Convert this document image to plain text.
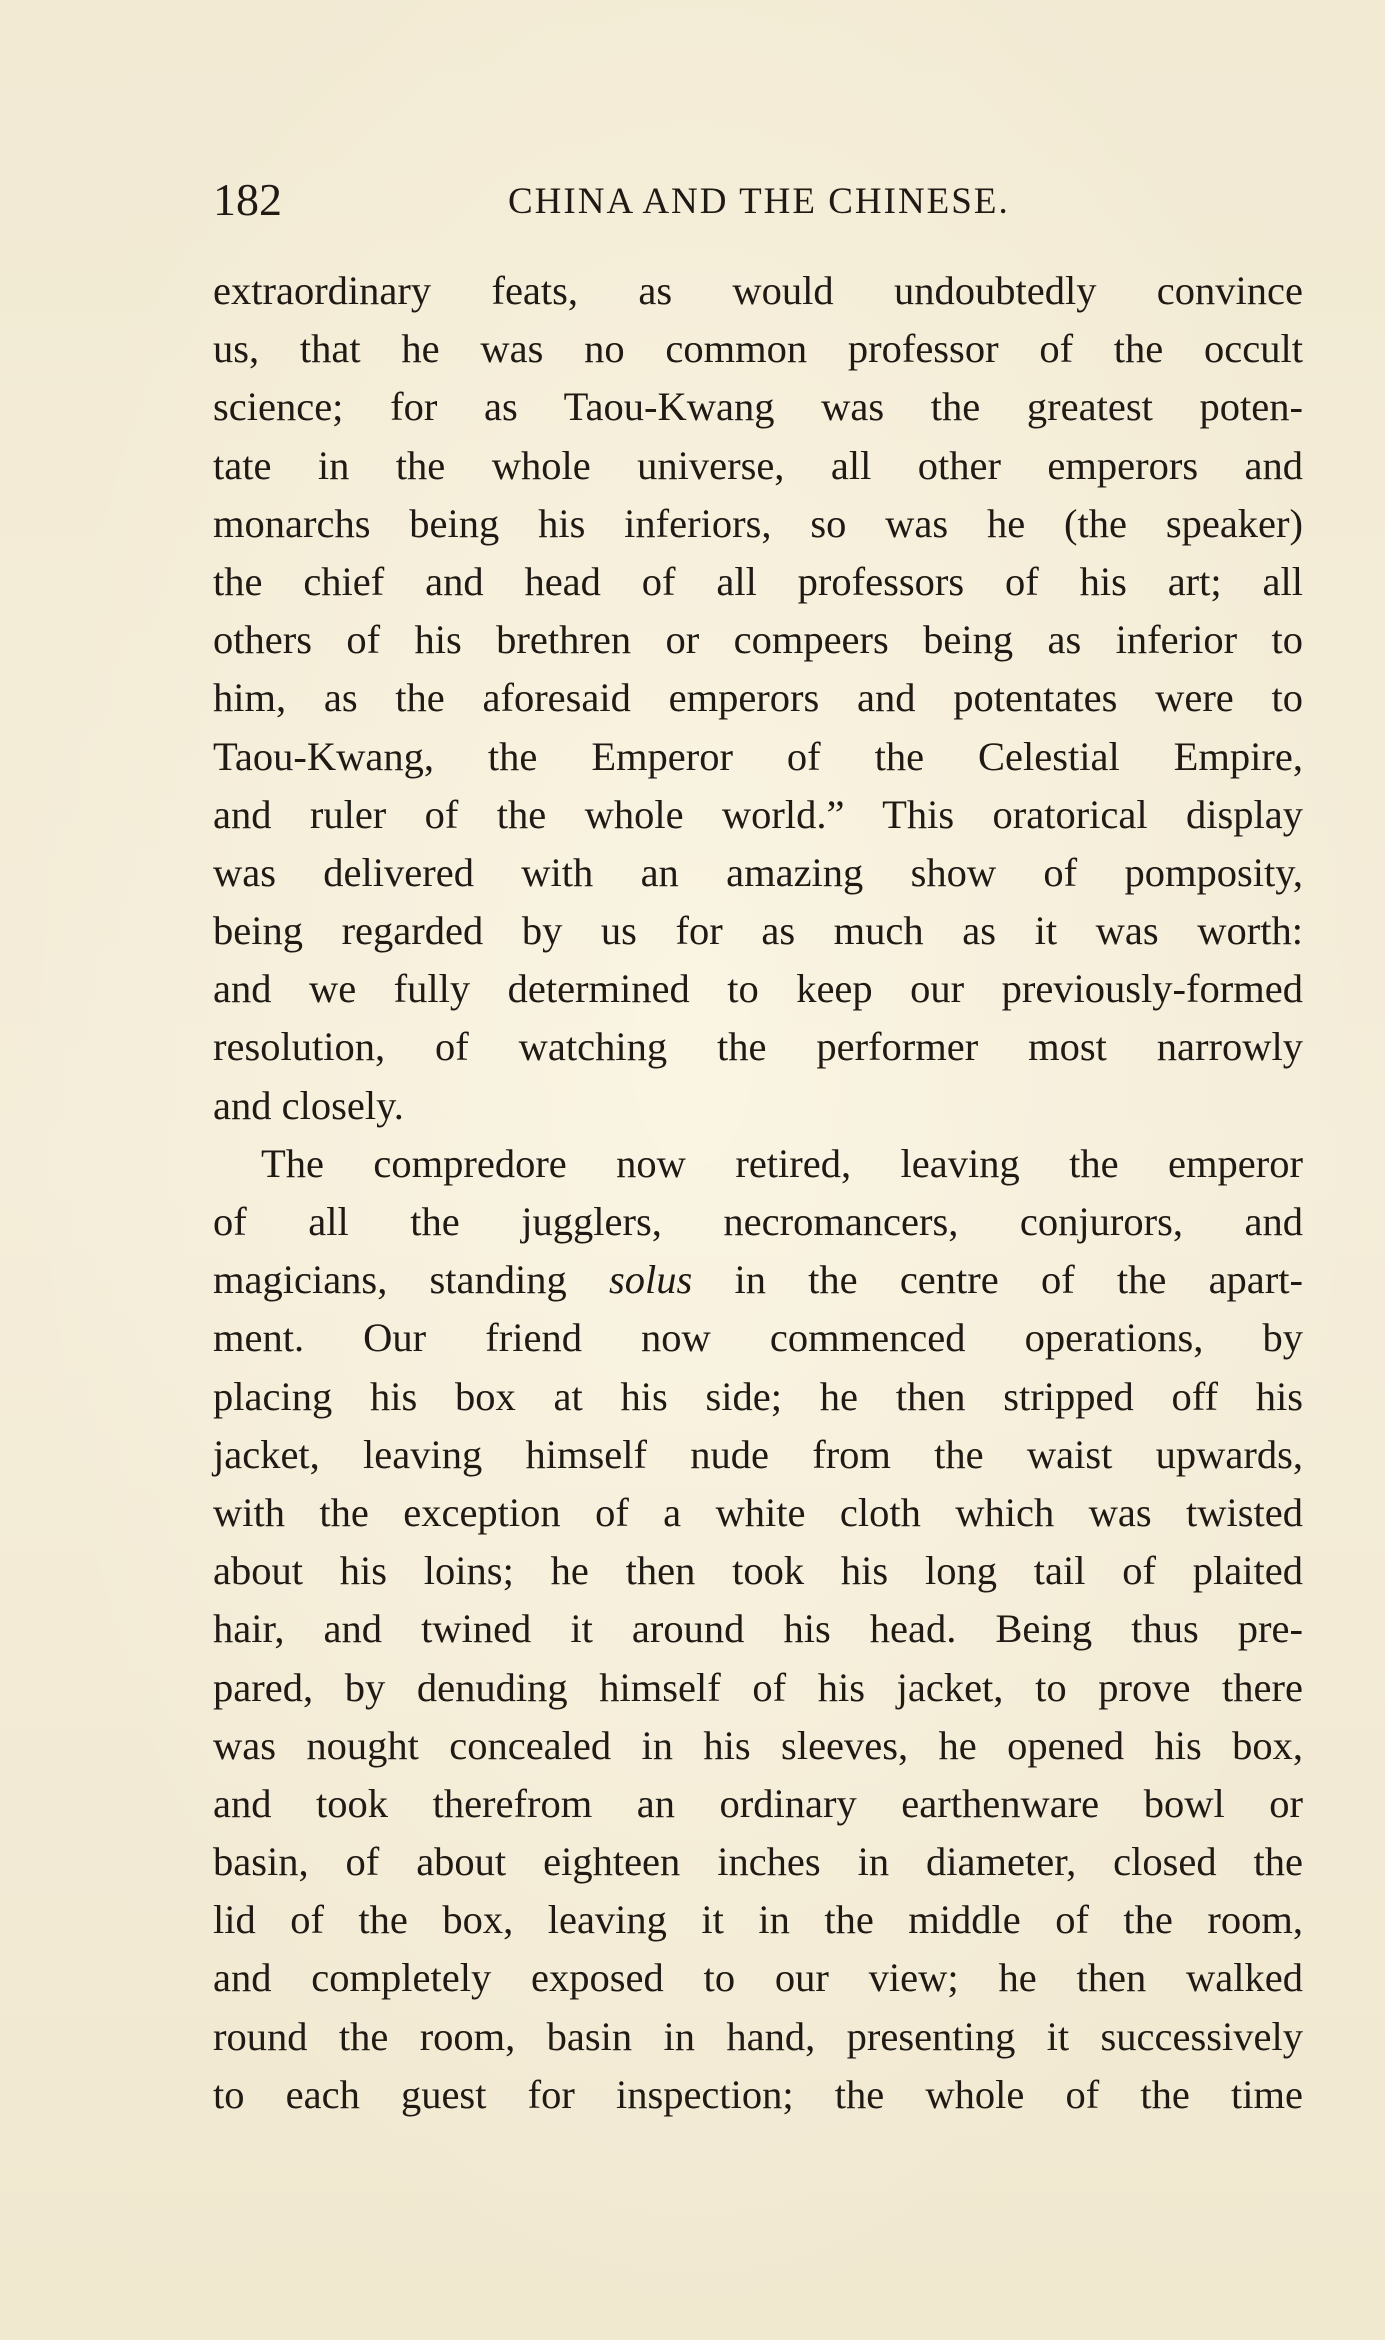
182	CHINA AND THE CHINESE.
extraordinary feats, as would undoubtedly convince
us, that he was no common professor of the occult
science; for as Taou-Kwang was the greatest poten-
tate in the whole universe, all other emperors and
monarchs being his inferiors, so was he (the speaker)
the chief and head of all professors of his art; all
others of his brethren or compeers being as inferior to
him, as the aforesaid emperors and potentates were to
Taou-Kwang, the Emperor of the Celestial Empire,
and ruler of the whole world.” This oratorical display
was delivered with an amazing show of pomposity,
being regarded by us for as much as it was worth:
and we fully determined to keep our previously-formed
resolution, of watching the performer most narrowly
and closely.
The compredore now retired, leaving the emperor
of all the jugglers, necromancers, conjurors, and
magicians, standing solus in the centre of the apart-
ment. Our friend now commenced operations, by
placing his box at his side; he then stripped off his
jacket, leaving himself nude from the waist upwards,
with the exception of a white cloth which was twisted
about his loins; he then took his long tail of plaited
hair, and twined it around his head. Being thus pre-
pared, by denuding himself of his jacket, to prove there
was nought concealed in his sleeves, he opened his box,
and took therefrom an ordinary earthenware bowl or
basin, of about eighteen inches in diameter, closed the
lid of the box, leaving it in the middle of the room,
and completely exposed to our view; he then walked
round the room, basin in hand, presenting it successively
to each guest for inspection; the whole of the time
